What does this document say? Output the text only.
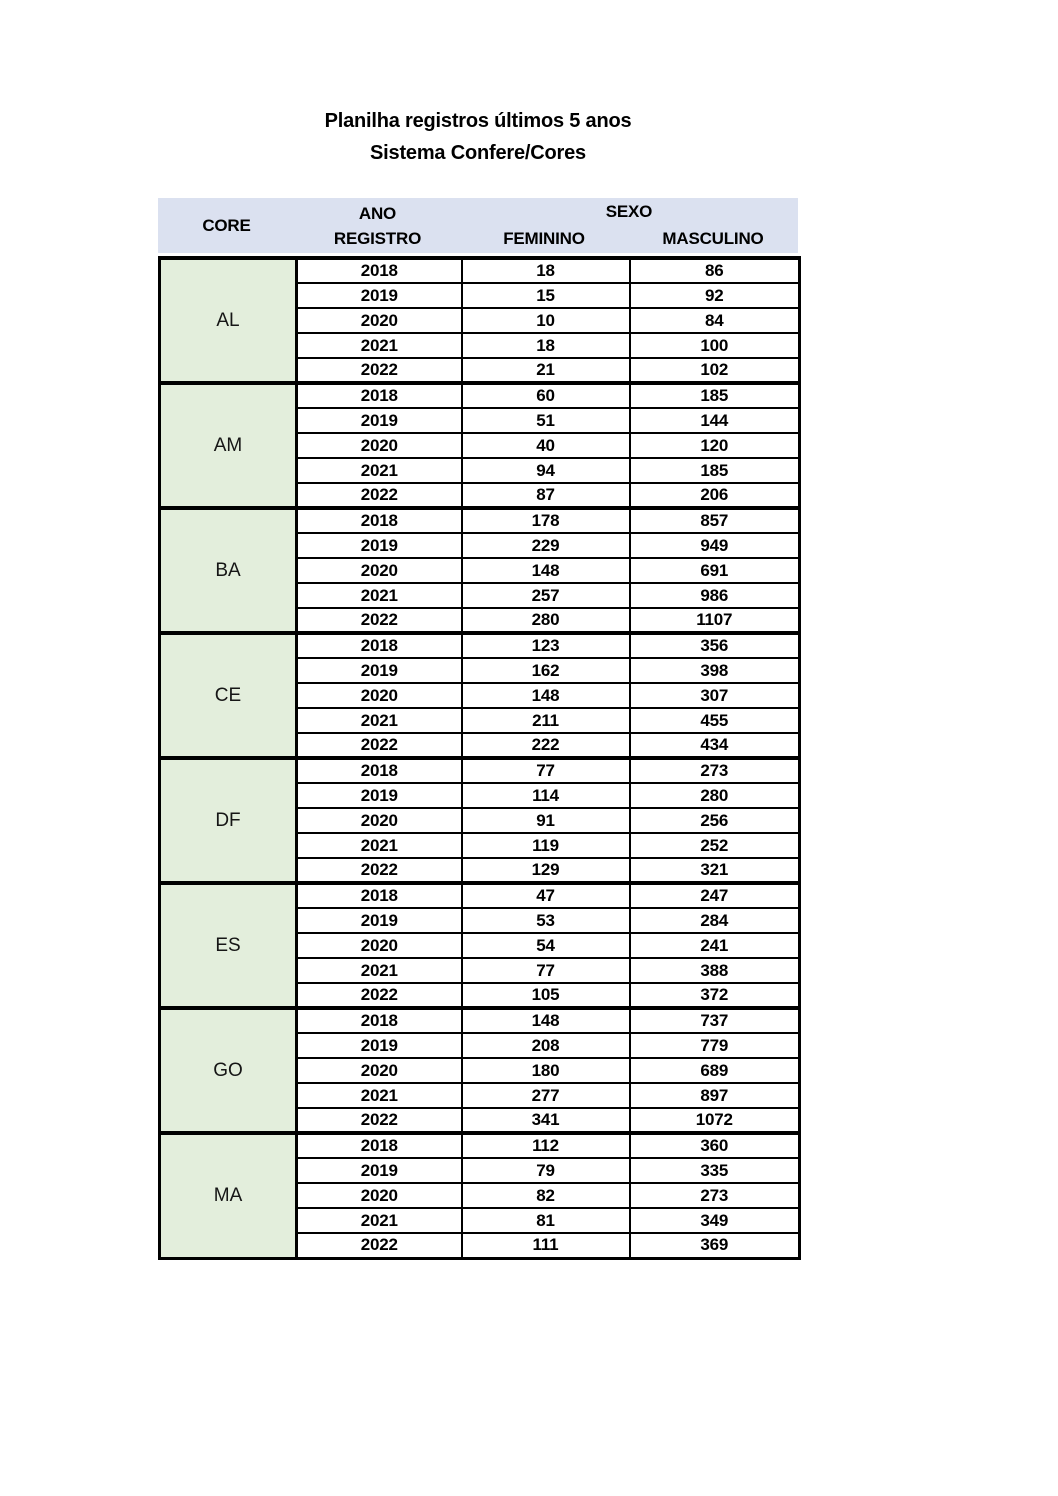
Planilha registros últimos 5 anos
Sistema Confere/Cores
CORE
ANO
REGISTRO
SEXO
FEMININO	MASCULINO
AL	2018	18	86
	2019	15	92
	2020	10	84
	2021	18	100
	2022	21	102
AM	2018	60	185
	2019	51	144
	2020	40	120
	2021	94	185
	2022	87	206
BA	2018	178	857
	2019	229	949
	2020	148	691
	2021	257	986
	2022	280	1107
CE	2018	123	356
	2019	162	398
	2020	148	307
	2021	211	455
	2022	222	434
DF	2018	77	273
	2019	114	280
	2020	91	256
	2021	119	252
	2022	129	321
ES	2018	47	247
	2019	53	284
	2020	54	241
	2021	77	388
	2022	105	372
GO	2018	148	737
	2019	208	779
	2020	180	689
	2021	277	897
	2022	341	1072
MA	2018	112	360
	2019	79	335
	2020	82	273
	2021	81	349
	2022	111	369
